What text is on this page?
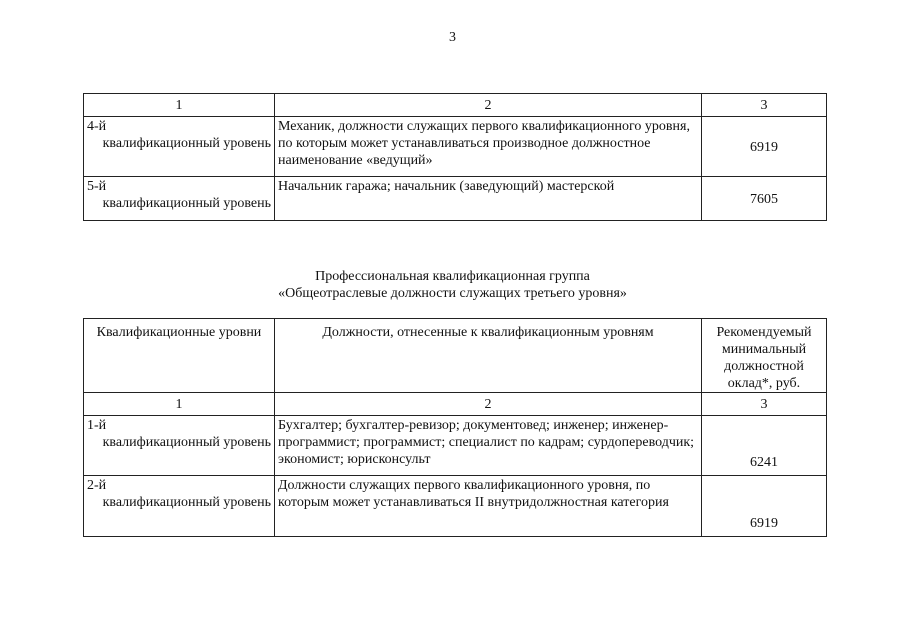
3
1	2	3

4-й
квалификационный уровень	Механик, должности служащих первого квалификационного уровня, по которым может устанавливаться производное должностное наименование «ведущий»	6919

5-й
квалификационный уровень	Начальник гаража; начальник (заведующий) мастерской	7605
Профессиональная квалификационная группа
«Общеотраслевые должности служащих третьего уровня»
Квалификационные уровни	Должности, отнесенные к квалификационным уровням	Рекомендуемый минимальный должностной оклад*, руб.
1	2	3

1-й
квалификационный уровень	Бухгалтер; бухгалтер-ревизор; документовед; инженер; инженер-программист; программист; специалист по кадрам; сурдопереводчик; экономист; юрисконсульт	6241

2-й
квалификационный уровень	Должности служащих первого квалификационного уровня, по которым может устанавливаться II внутридолжностная категория	6919
